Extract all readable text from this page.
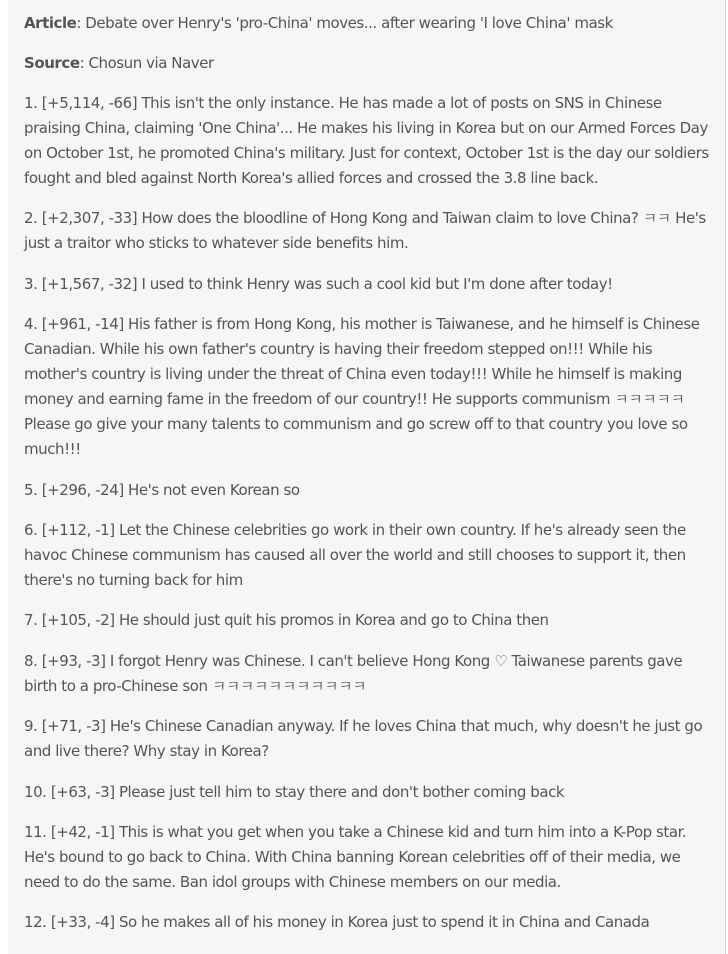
Article: Debate over Henry's 'pro-China' moves... after wearing 'I love China' mask

Source: Chosun via Naver

1. [+5,114, -66] This isn't the only instance. He has made a lot of posts on SNS in Chinese praising China, claiming 'One China'... He makes his living in Korea but on our Armed Forces Day on October 1st, he promoted China's military. Just for context, October 1st is the day our soldiers fought and bled against North Korea's allied forces and crossed the 3.8 line back.

2. [+2,307, -33] How does the bloodline of Hong Kong and Taiwan claim to love China? ㅋㅋ He's just a traitor who sticks to whatever side benefits him.

3. [+1,567, -32] I used to think Henry was such a cool kid but I'm done after today!

4. [+961, -14] His father is from Hong Kong, his mother is Taiwanese, and he himself is Chinese Canadian. While his own father's country is having their freedom stepped on!!! While his mother's country is living under the threat of China even today!!! While he himself is making money and earning fame in the freedom of our country!! He supports communism ㅋㅋㅋㅋㅋ Please go give your many talents to communism and go screw off to that country you love so much!!!

5. [+296, -24] He's not even Korean so

6. [+112, -1] Let the Chinese celebrities go work in their own country. If he's already seen the havoc Chinese communism has caused all over the world and still chooses to support it, then there's no turning back for him

7. [+105, -2] He should just quit his promos in Korea and go to China then

8. [+93, -3] I forgot Henry was Chinese. I can't believe Hong Kong ♡ Taiwanese parents gave birth to a pro-Chinese son ㅋㅋㅋㅋㅋㅋㅋㅋㅋㅋㅋ

9. [+71, -3] He's Chinese Canadian anyway. If he loves China that much, why doesn't he just go and live there? Why stay in Korea?

10. [+63, -3] Please just tell him to stay there and don't bother coming back

11. [+42, -1] This is what you get when you take a Chinese kid and turn him into a K-Pop star. He's bound to go back to China. With China banning Korean celebrities off of their media, we need to do the same. Ban idol groups with Chinese members on our media.

12. [+33, -4] So he makes all of his money in Korea just to spend it in China and Canada
